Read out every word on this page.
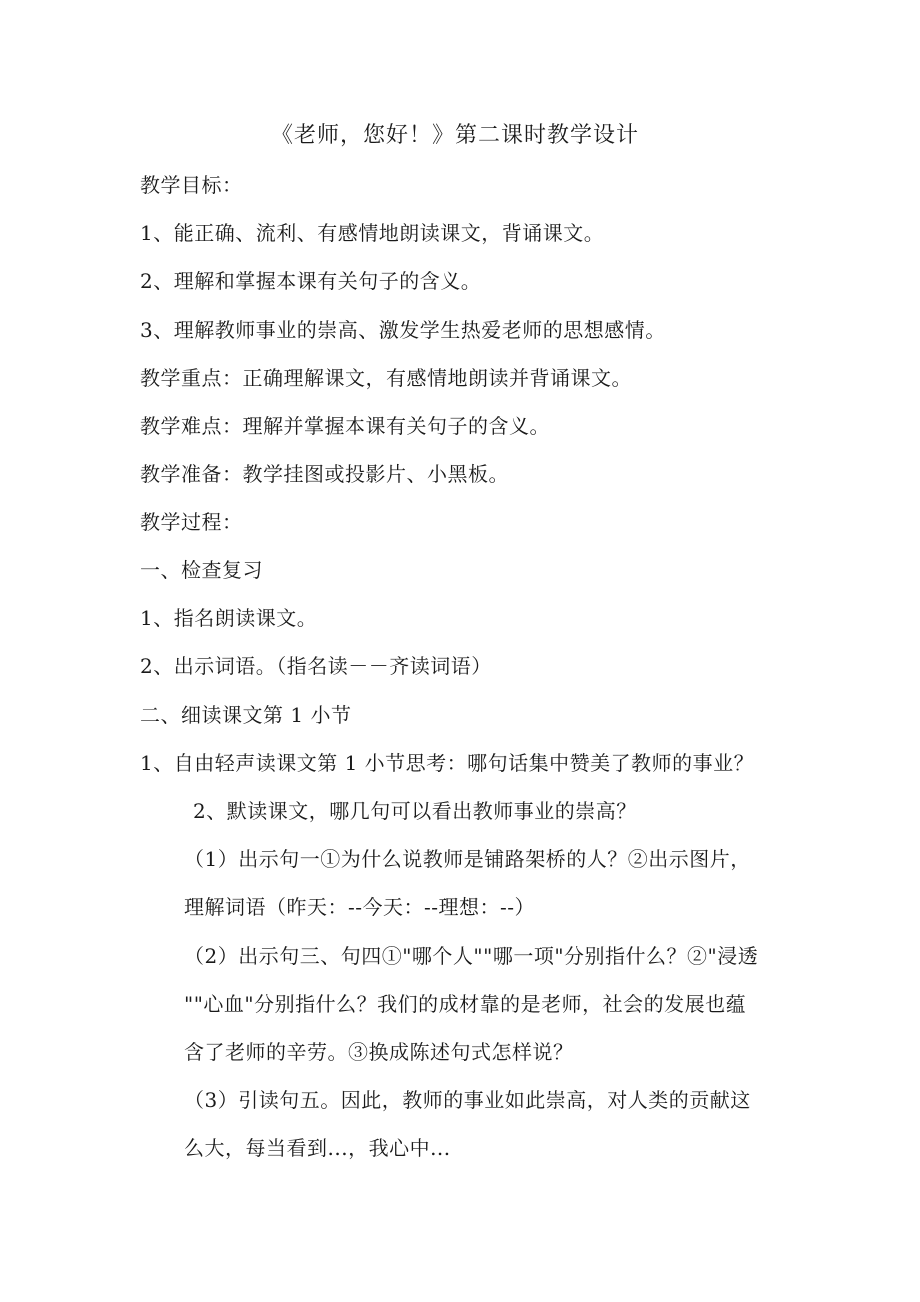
《老师，您好！》第二课时教学设计
教学目标：
1、能正确、流利、有感情地朗读课文，背诵课文。
2、理解和掌握本课有关句子的含义。
3、理解教师事业的崇高、激发学生热爱老师的思想感情。
教学重点：正确理解课文，有感情地朗读并背诵课文。
教学难点：理解并掌握本课有关句子的含义。
教学准备：教学挂图或投影片、小黑板。
教学过程：
一、检查复习
1、指名朗读课文。
2、出示词语。（指名读－－齐读词语）
二、细读课文第 1 小节
1、自由轻声读课文第 1 小节思考：哪句话集中赞美了教师的事业？
2、默读课文，哪几句可以看出教师事业的崇高？
（1）出示句一①为什么说教师是铺路架桥的人？②出示图片，
理解词语（昨天：--今天：--理想：--）
（2）出示句三、句四①"哪个人""哪一项"分别指什么？②"浸透
""心血"分别指什么？我们的成材靠的是老师，社会的发展也蕴
含了老师的辛劳。③换成陈述句式怎样说？
（3）引读句五。因此，教师的事业如此崇高，对人类的贡献这
么大，每当看到...，我心中...
